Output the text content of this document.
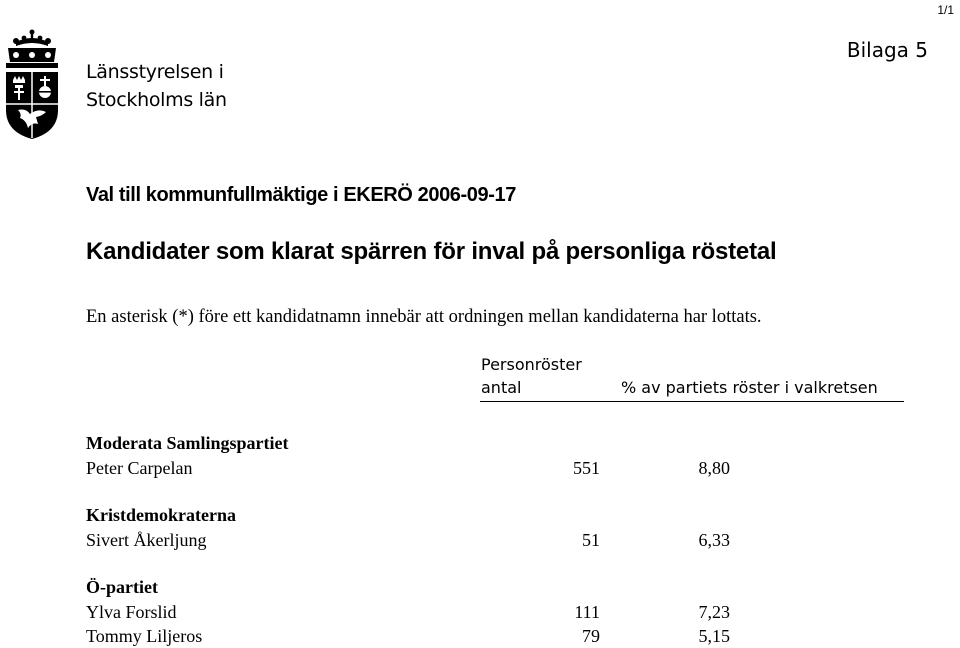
1/1
Länsstyrelsen i
Stockholms län
Bilaga 5
Val till kommunfullmäktige i EKERÖ 2006-09-17
Kandidater som klarat spärren för inval på personliga röstetal
En asterisk (*) före ett kandidatnamn innebär att ordningen mellan kandidaterna har lottats.
Personröster
antal	% av partiets röster i valkretsen
Moderata Samlingspartiet
Peter Carpelan	551	8,80
Kristdemokraterna
Sivert Åkerljung	51	6,33
Ö-partiet
Ylva Forslid	111	7,23
Tommy Liljeros	79	5,15
